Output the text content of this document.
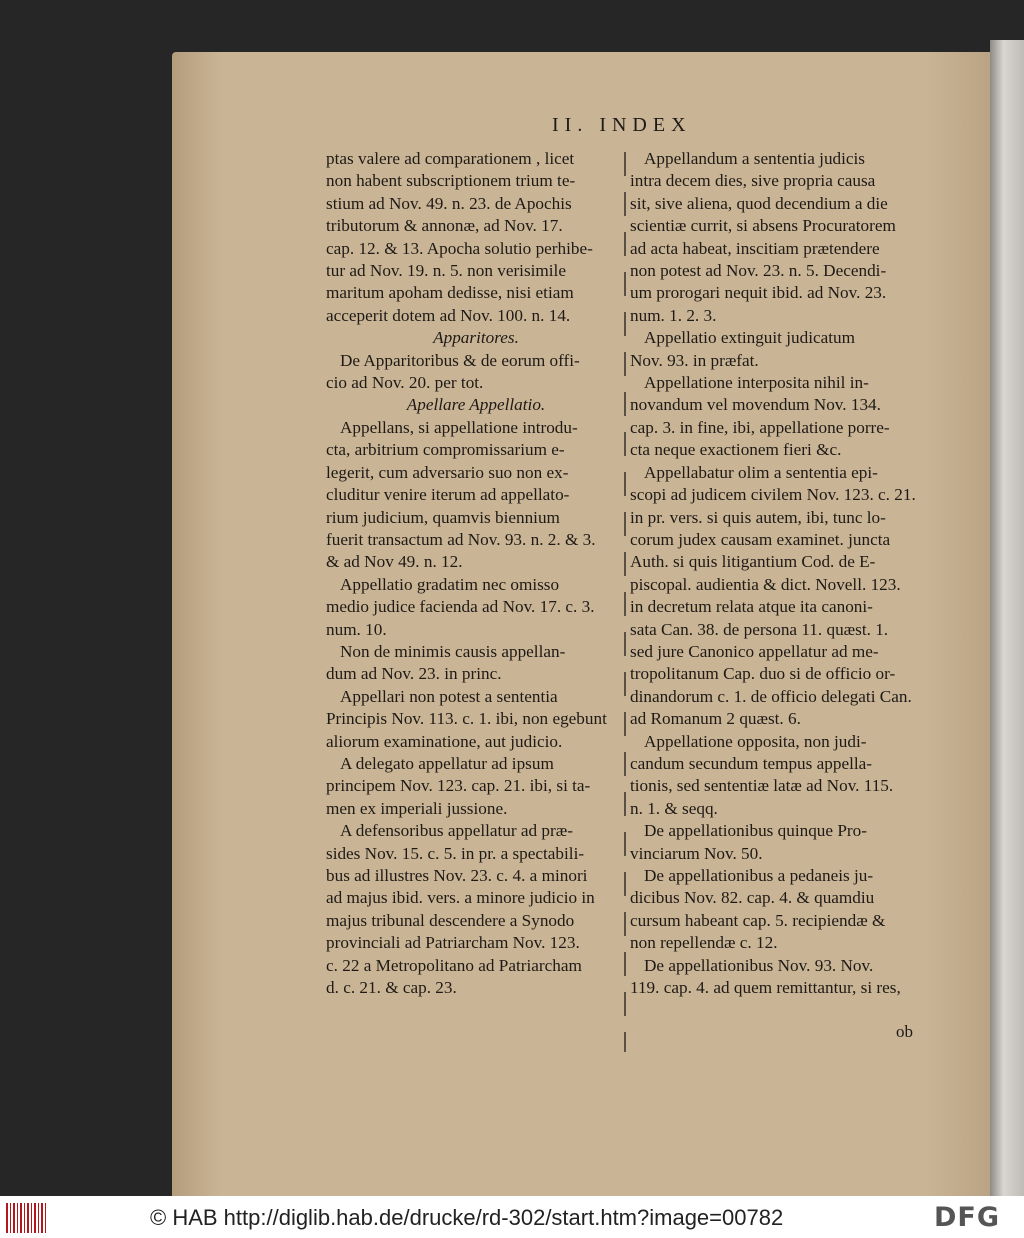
II. INDEX
ptas valere ad comparationem , licet
non habent subscriptionem trium te-
stium ad Nov. 49. n. 23. de Apochis
tributorum & annonæ, ad Nov. 17.
cap. 12. & 13. Apocha solutio perhibe-
tur ad Nov. 19. n. 5. non verisimile
maritum apoham dedisse, nisi etiam
acceperit dotem ad Nov. 100. n. 14.
Apparitores.
De Apparitoribus & de eorum offi-
cio ad Nov. 20. per tot.
Apellare Appellatio.
Appellans, si appellatione introdu-
cta, arbitrium compromissarium e-
legerit, cum adversario suo non ex-
cluditur venire iterum ad appellato-
rium judicium, quamvis biennium
fuerit transactum ad Nov. 93. n. 2. & 3.
& ad Nov 49. n. 12.
Appellatio gradatim nec omisso
medio judice facienda ad Nov. 17. c. 3.
num. 10.
Non de minimis causis appellan-
dum ad Nov. 23. in princ.
Appellari non potest a sententia
Principis Nov. 113. c. 1. ibi, non egebunt
aliorum examinatione, aut judicio.
A delegato appellatur ad ipsum
principem Nov. 123. cap. 21. ibi, si ta-
men ex imperiali jussione.
A defensoribus appellatur ad præ-
sides Nov. 15. c. 5. in pr. a spectabili-
bus ad illustres Nov. 23. c. 4. a minori
ad majus ibid. vers. a minore judicio in
majus tribunal descendere a Synodo
provinciali ad Patriarcham Nov. 123.
c. 22 a Metropolitano ad Patriarcham
d. c. 21. & cap. 23.
Appellandum a sententia judicis
intra decem dies, sive propria causa
sit, sive aliena, quod decendium a die
scientiæ currit, si absens Procuratorem
ad acta habeat, inscitiam prætendere
non potest ad Nov. 23. n. 5. Decendi-
um prorogari nequit ibid. ad Nov. 23.
num. 1. 2. 3.
Appellatio extinguit judicatum
Nov. 93. in præfat.
Appellatione interposita nihil in-
novandum vel movendum Nov. 134.
cap. 3. in fine, ibi, appellatione porre-
cta neque exactionem fieri &c.
Appellabatur olim a sententia epi-
scopi ad judicem civilem Nov. 123. c. 21.
in pr. vers. si quis autem, ibi, tunc lo-
corum judex causam examinet. juncta
Auth. si quis litigantium Cod. de E-
piscopal. audientia & dict. Novell. 123.
in decretum relata atque ita canoni-
sata Can. 38. de persona 11. quæst. 1.
sed jure Canonico appellatur ad me-
tropolitanum Cap. duo si de officio or-
dinandorum c. 1. de officio delegati Can.
ad Romanum 2 quæst. 6.
Appellatione opposita, non judi-
candum secundum tempus appella-
tionis, sed sententiæ latæ ad Nov. 115.
n. 1. & seqq.
De appellationibus quinque Pro-
vinciarum Nov. 50.
De appellationibus a pedaneis ju-
dicibus Nov. 82. cap. 4. & quamdiu
cursum habeant cap. 5. recipiendæ &
non repellendæ c. 12.
De appellationibus Nov. 93. Nov.
119. cap. 4. ad quem remittantur, si res,
ob
© HAB http://diglib.hab.de/drucke/rd-302/start.htm?image=00782	DFG
